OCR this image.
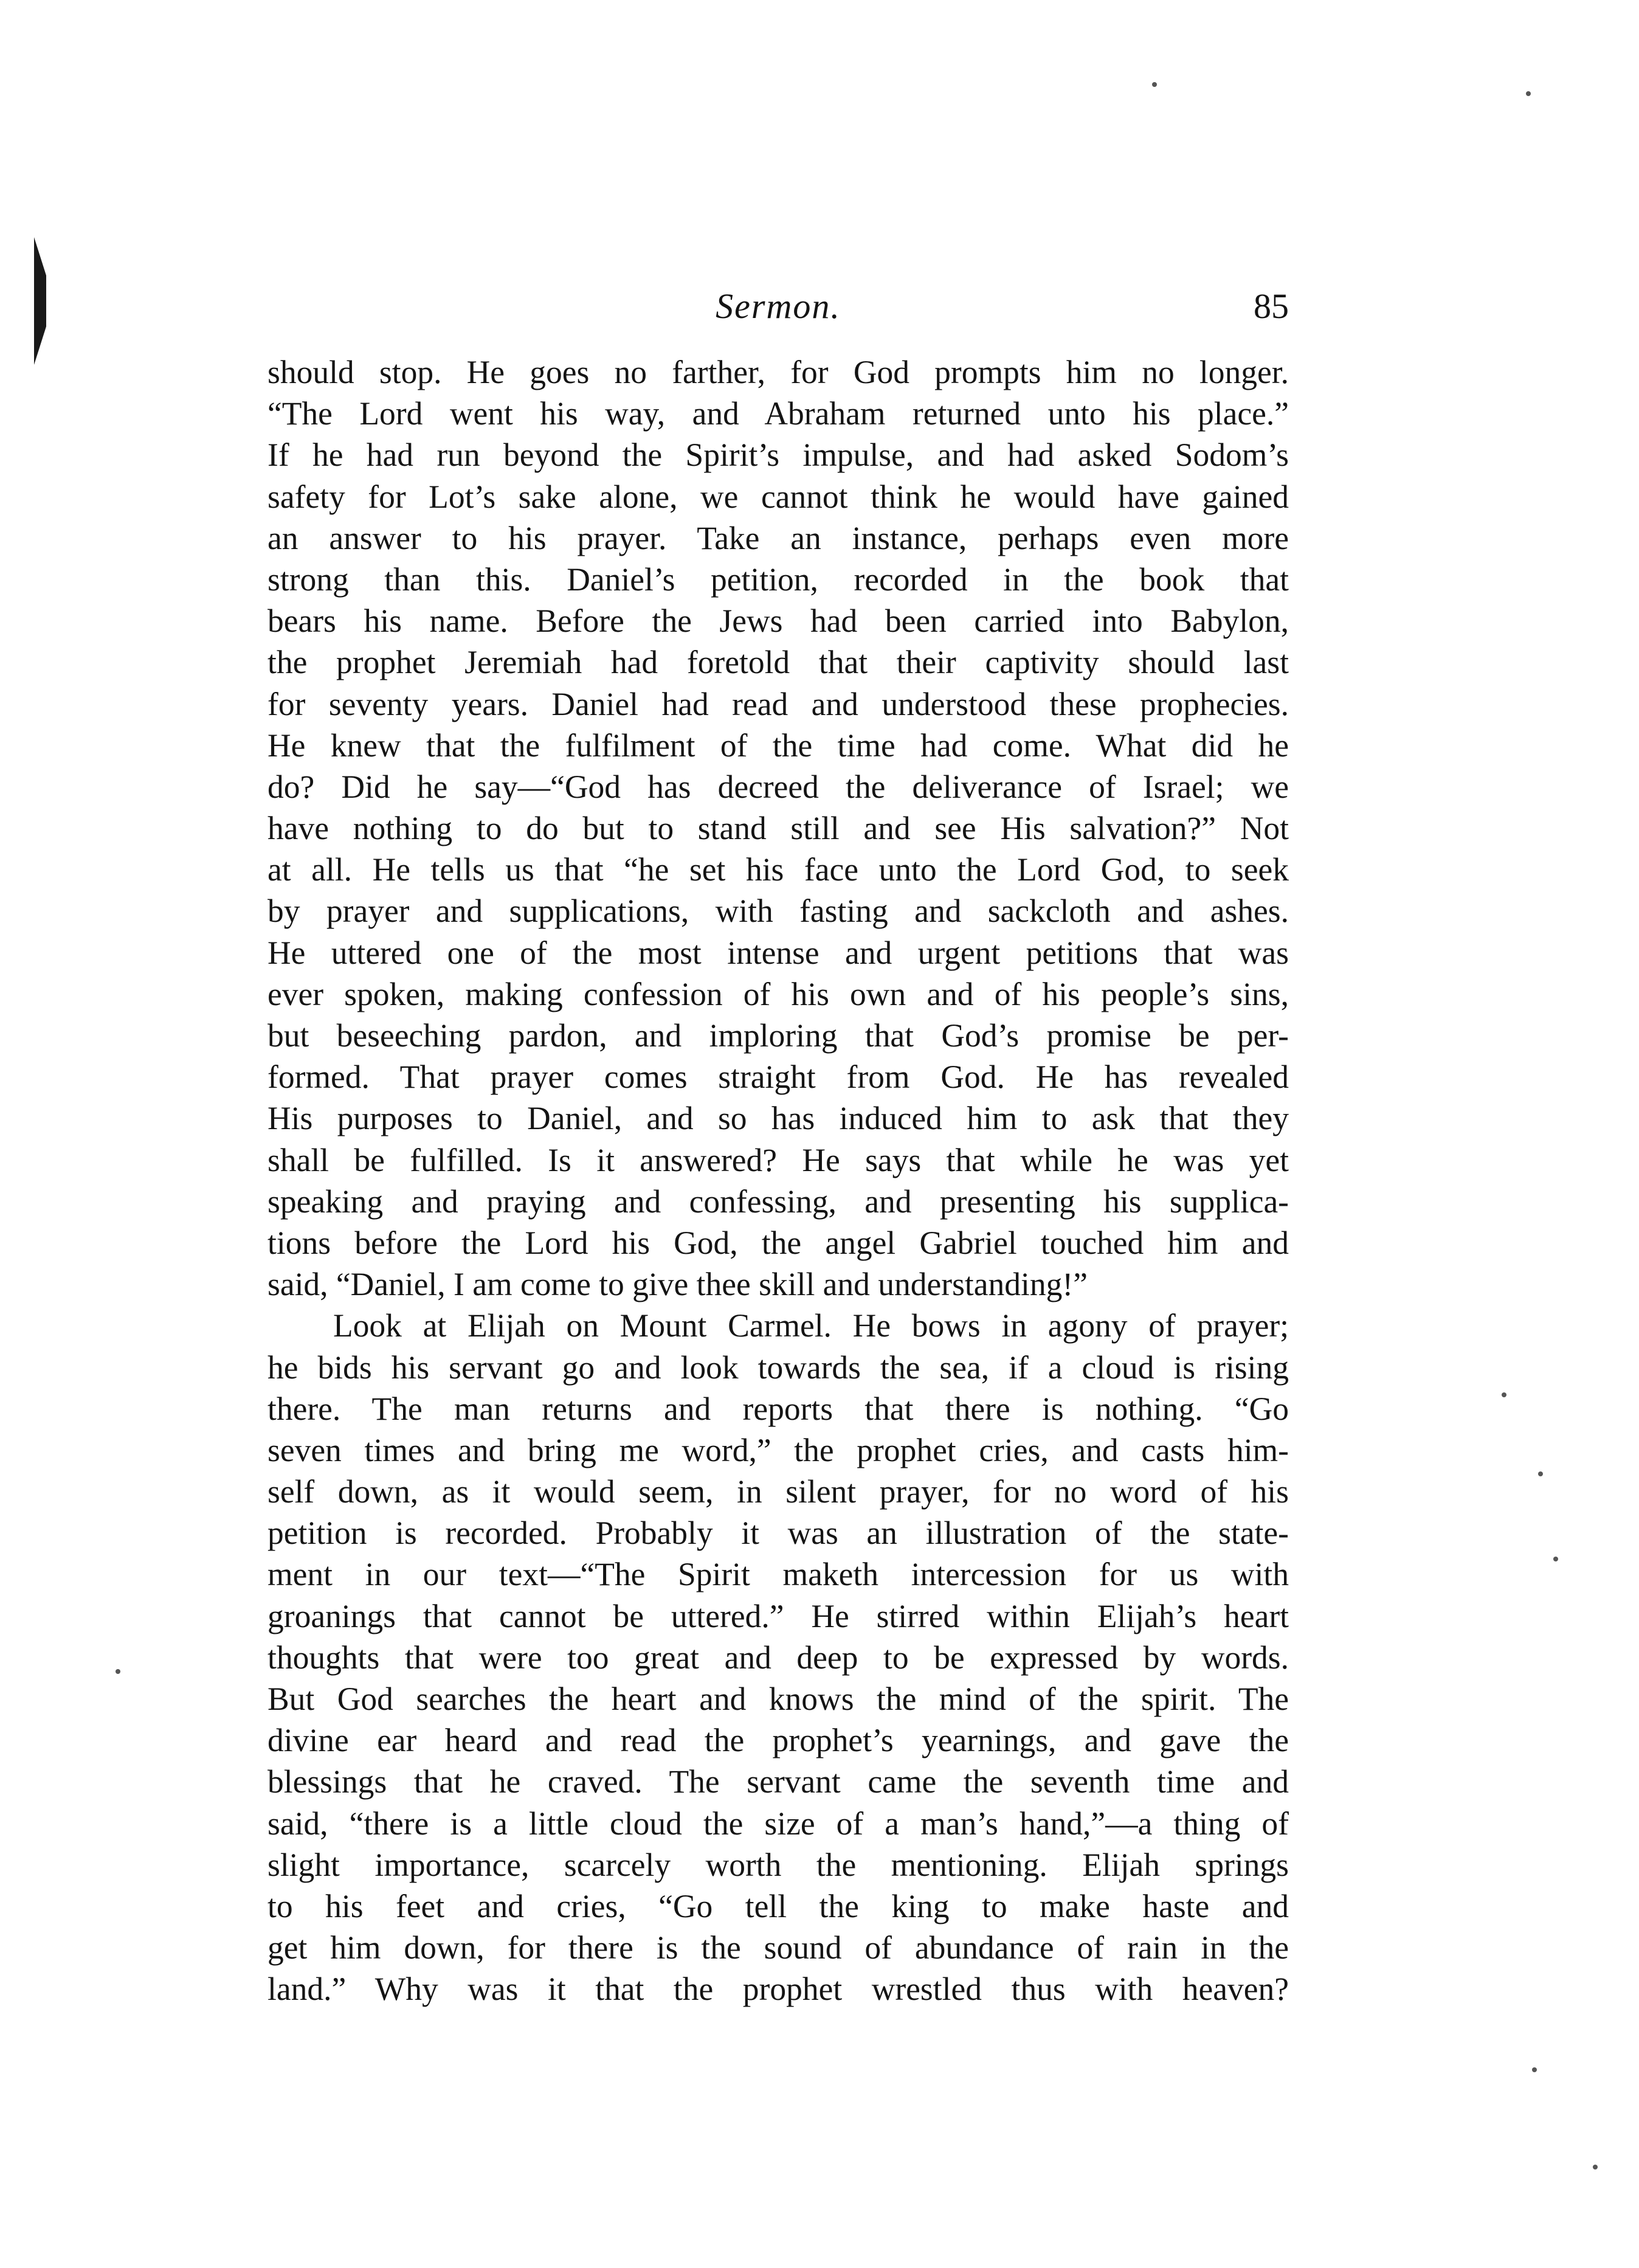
Sermon.	85
should stop. He goes no farther, for God prompts him no longer.
“The Lord went his way, and Abraham returned unto his place.”
If he had run beyond the Spirit’s impulse, and had asked Sodom’s
safety for Lot’s sake alone, we cannot think he would have gained
an answer to his prayer. Take an instance, perhaps even more
strong than this. Daniel’s petition, recorded in the book that
bears his name. Before the Jews had been carried into Babylon,
the prophet Jeremiah had foretold that their captivity should last
for seventy years. Daniel had read and understood these prophecies.
He knew that the fulfilment of the time had come. What did he
do? Did he say—“God has decreed the deliverance of Israel; we
have nothing to do but to stand still and see His salvation?” Not
at all. He tells us that “he set his face unto the Lord God, to seek
by prayer and supplications, with fasting and sackcloth and ashes.
He uttered one of the most intense and urgent petitions that was
ever spoken, making confession of his own and of his people’s sins,
but beseeching pardon, and imploring that God’s promise be per-
formed. That prayer comes straight from God. He has revealed
His purposes to Daniel, and so has induced him to ask that they
shall be fulfilled. Is it answered? He says that while he was yet
speaking and praying and confessing, and presenting his supplica-
tions before the Lord his God, the angel Gabriel touched him and
said, “Daniel, I am come to give thee skill and understanding!”
Look at Elijah on Mount Carmel. He bows in agony of prayer;
he bids his servant go and look towards the sea, if a cloud is rising
there. The man returns and reports that there is nothing. “Go
seven times and bring me word,” the prophet cries, and casts him-
self down, as it would seem, in silent prayer, for no word of his
petition is recorded. Probably it was an illustration of the state-
ment in our text—“The Spirit maketh intercession for us with
groanings that cannot be uttered.” He stirred within Elijah’s heart
thoughts that were too great and deep to be expressed by words.
But God searches the heart and knows the mind of the spirit. The
divine ear heard and read the prophet’s yearnings, and gave the
blessings that he craved. The servant came the seventh time and
said, “there is a little cloud the size of a man’s hand,”—a thing of
slight importance, scarcely worth the mentioning. Elijah springs
to his feet and cries, “Go tell the king to make haste and
get him down, for there is the sound of abundance of rain in the
land.” Why was it that the prophet wrestled thus with heaven?
